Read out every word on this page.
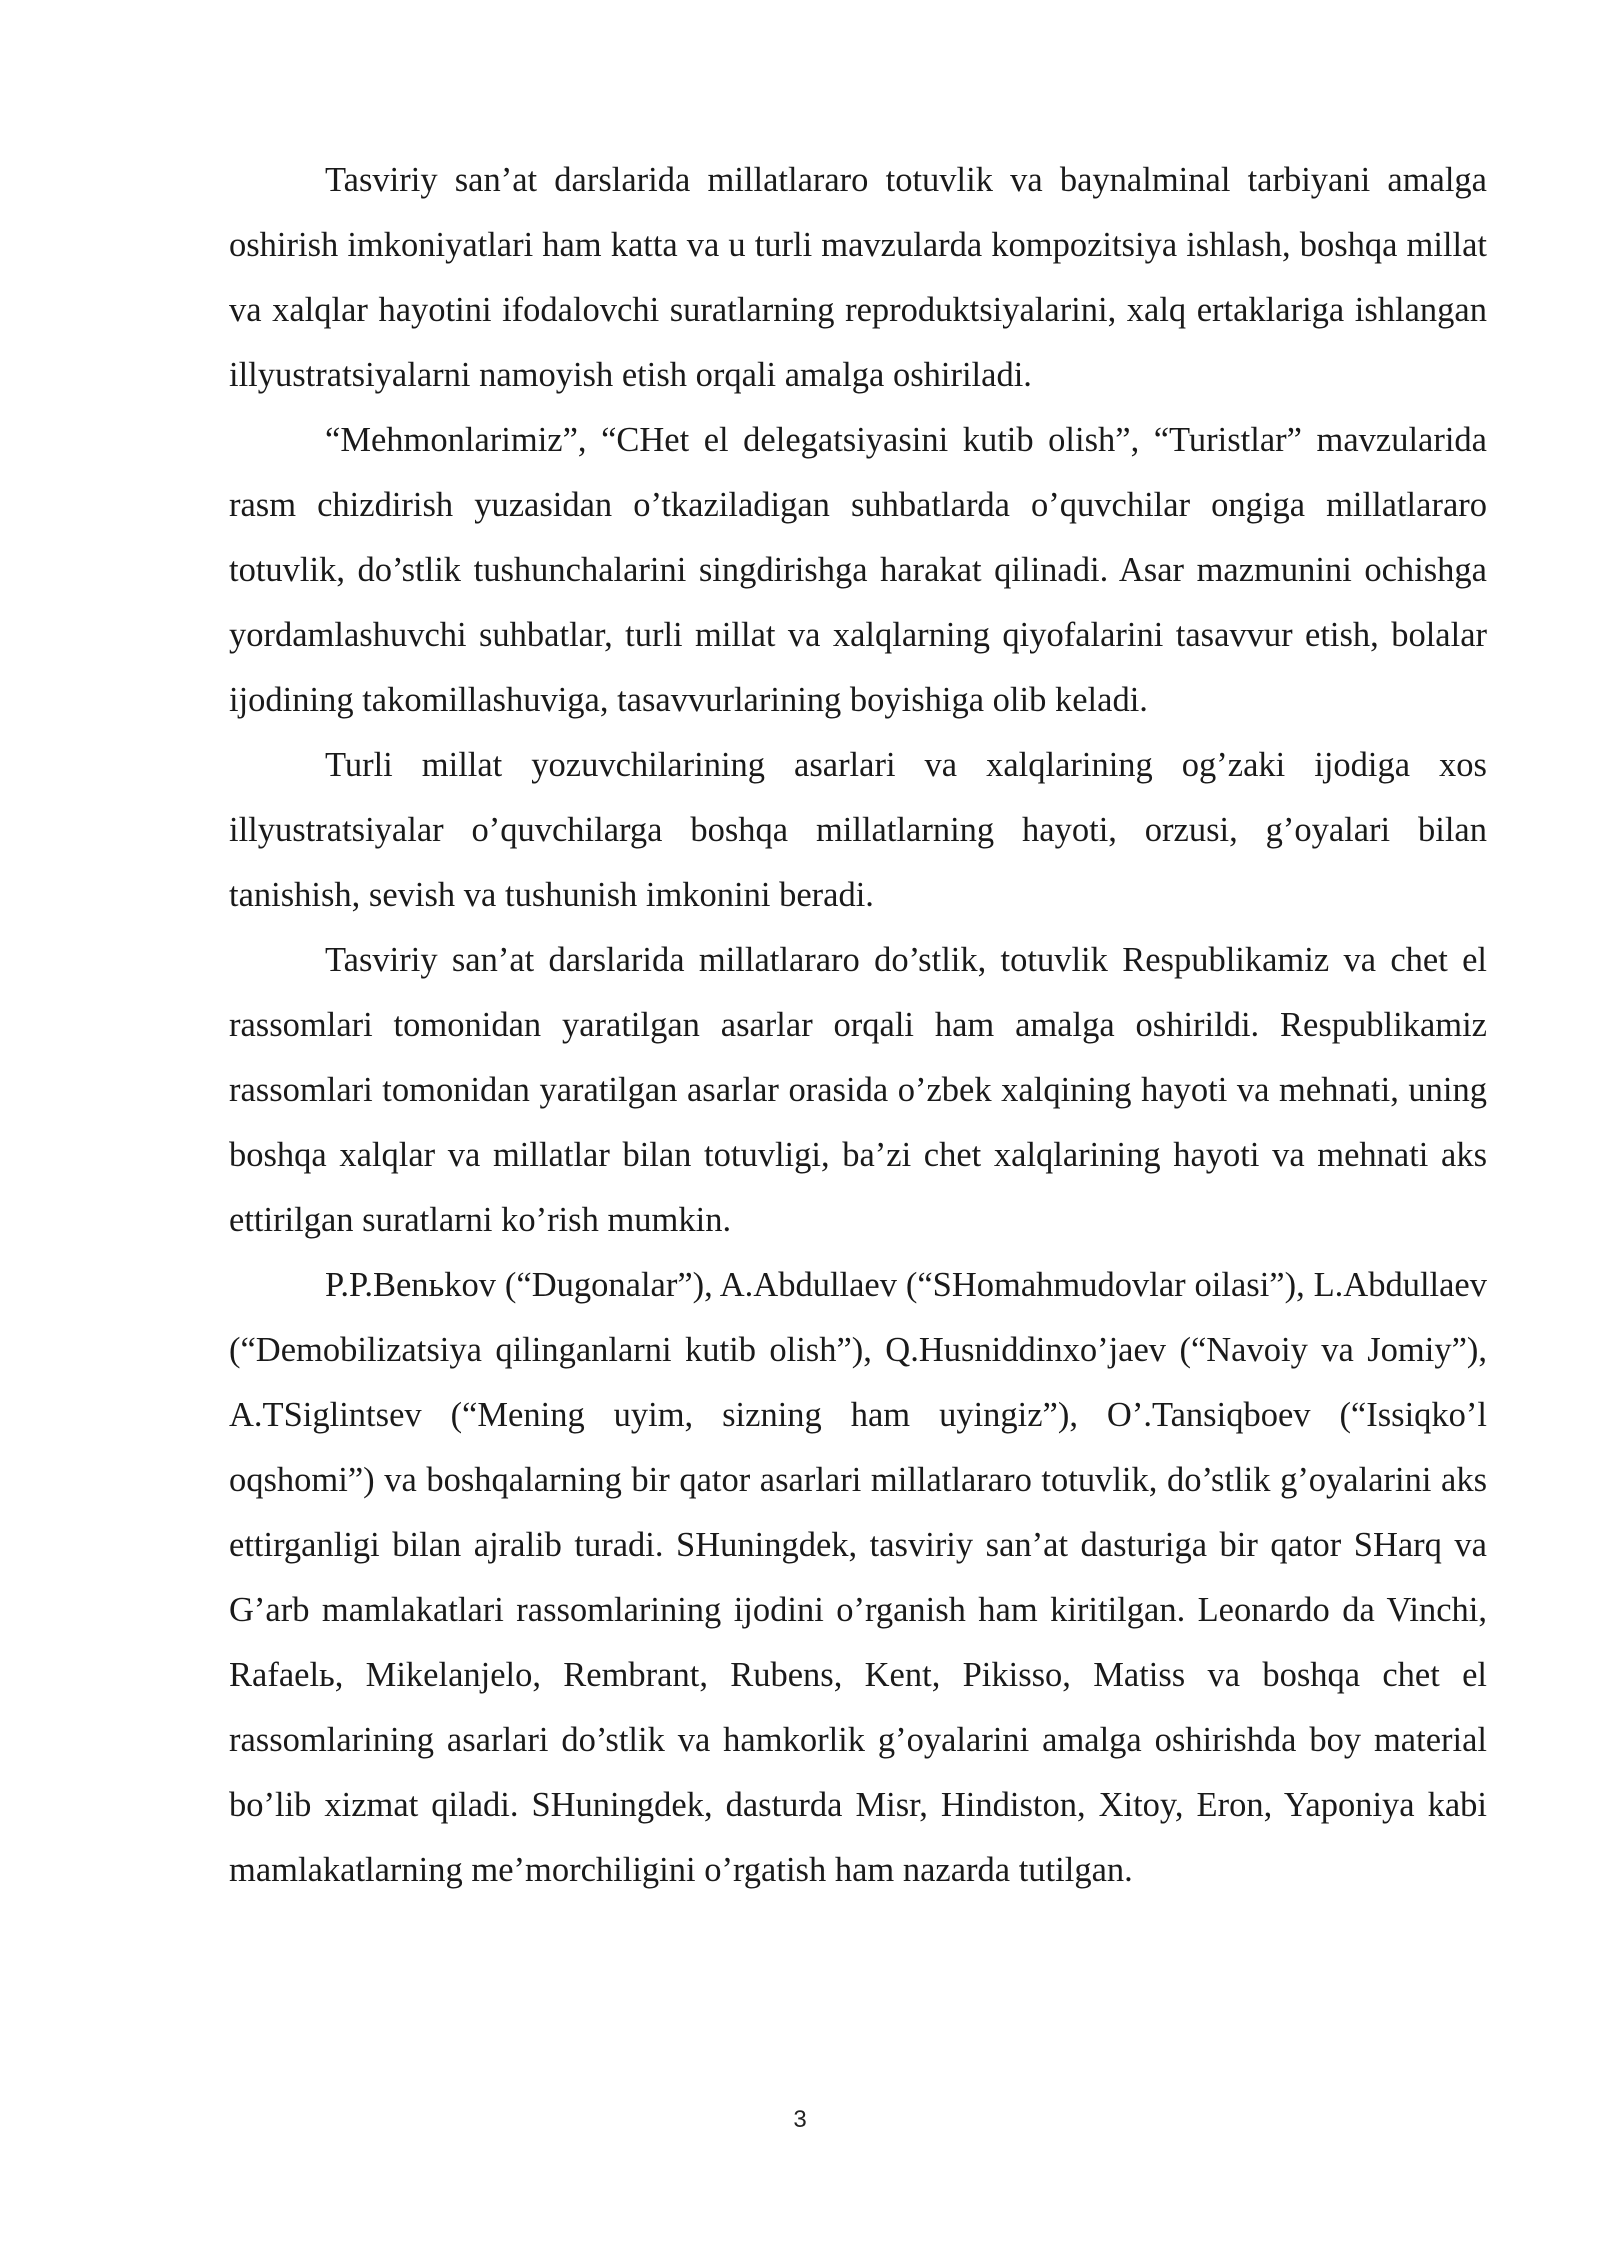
Tasviriy san’at darslarida millatlararo totuvlik va baynalminal tarbiyani amalga oshirish imkoniyatlari ham katta va u turli mavzularda kompozitsiya ishlash, boshqa millat va xalqlar hayotini ifodalovchi suratlarning reproduktsiyalarini, xalq ertaklariga ishlangan illyustratsiyalarni namoyish etish orqali amalga oshiriladi.

“Mehmonlarimiz”, “CHet el delegatsiyasini kutib olish”, “Turistlar” mavzularida rasm chizdirish yuzasidan o’tkaziladigan suhbatlarda o’quvchilar ongiga millatlararo totuvlik, do’stlik tushunchalarini singdirishga harakat qilinadi. Asar mazmunini ochishga yordamlashuvchi suhbatlar, turli millat va xalqlarning qiyofalarini tasavvur etish, bolalar ijodining takomillashuviga, tasavvurlarining boyishiga olib keladi.

Turli millat yozuvchilarining asarlari va xalqlarining og’zaki ijodiga xos illyustratsiyalar o’quvchilarga boshqa millatlarning hayoti, orzusi, g’oyalari bilan tanishish, sevish va tushunish imkonini beradi.

Tasviriy san’at darslarida millatlararo do’stlik, totuvlik Respublikamiz va chet el rassomlari tomonidan yaratilgan asarlar orqali ham amalga oshirildi. Respublikamiz rassomlari tomonidan yaratilgan asarlar orasida o’zbek xalqining hayoti va mehnati, uning boshqa xalqlar va millatlar bilan totuvligi, ba’zi chet xalqlarining hayoti va mehnati aks ettirilgan suratlarni ko’rish mumkin.

P.P.Benьkov (“Dugonalar”), A.Abdullaev (“SHomahmudovlar oilasi”), L.Abdullaev (“Demobilizatsiya qilinganlarni kutib olish”), Q.Husniddinxo’jaev (“Navoiy va Jomiy”), A.TSiglintsev (“Mening uyim, sizning ham uyingiz”), O’.Tansiqboev (“Issiqko’l oqshomi”) va boshqalarning bir qator asarlari millatlararo totuvlik, do’stlik g’oyalarini aks ettirganligi bilan ajralib turadi. SHuningdek, tasviriy san’at dasturiga bir qator SHarq va G’arb mamlakatlari rassomlarining ijodini o’rganish ham kiritilgan. Leonardo da Vinchi, Rafaelь, Mikelanjelo, Rembrant, Rubens, Kent, Pikisso, Matiss va boshqa chet el rassomlarining asarlari do’stlik va hamkorlik g’oyalarini amalga oshirishda boy material bo’lib xizmat qiladi. SHuningdek, dasturda Misr, Hindiston, Xitoy, Eron, Yaponiya kabi mamlakatlarning me’morchiligini o’rgatish ham nazarda tutilgan.

3
